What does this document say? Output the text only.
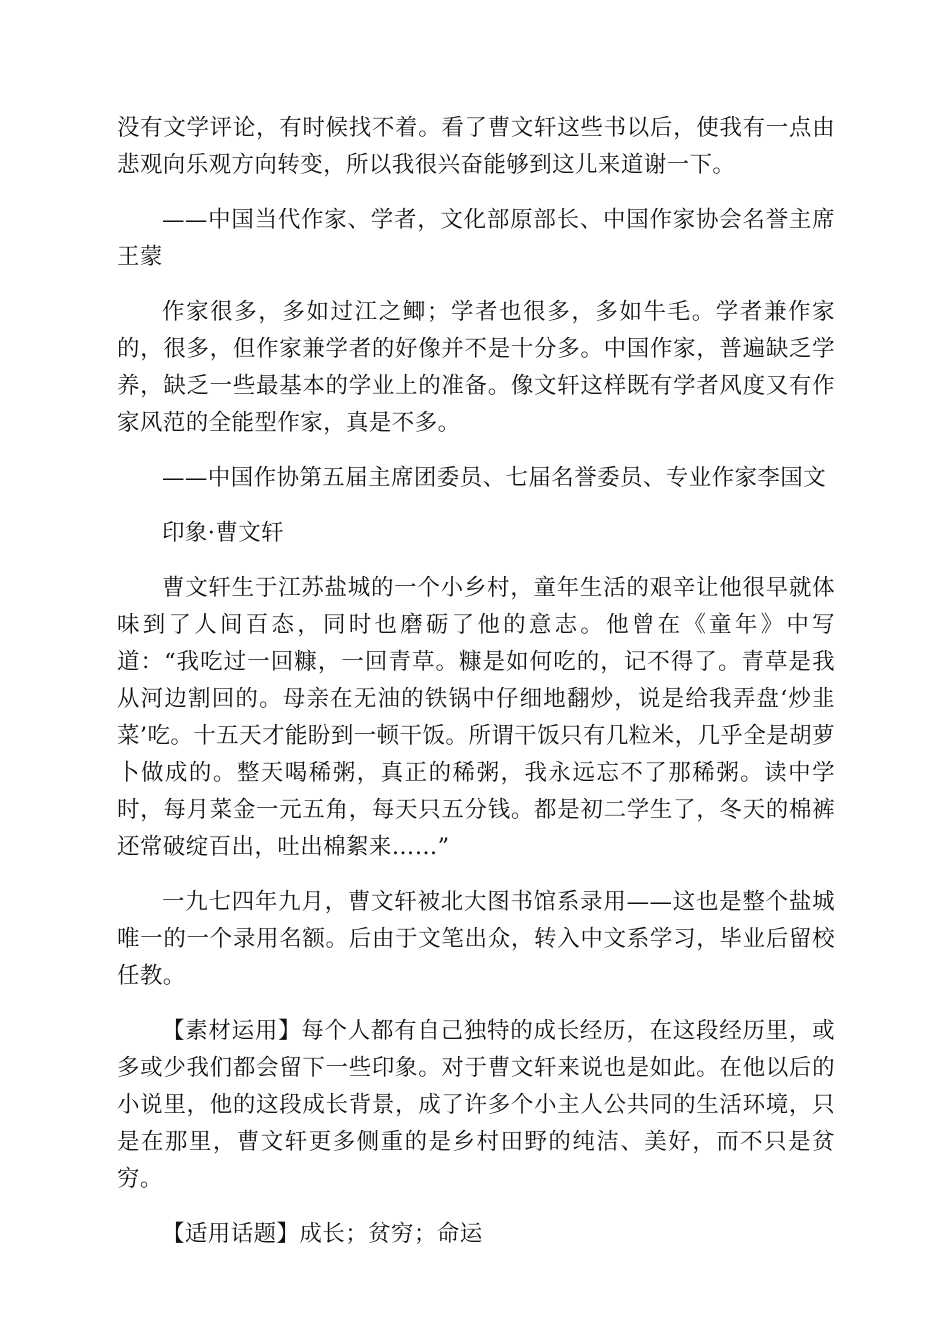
没有文学评论，有时候找不着。看了曹文轩这些书以后，使我有一点由悲观向乐观方向转变，所以我很兴奋能够到这儿来道谢一下。

——中国当代作家、学者，文化部原部长、中国作家协会名誉主席王蒙

作家很多，多如过江之鲫；学者也很多，多如牛毛。学者兼作家的，很多，但作家兼学者的好像并不是十分多。中国作家，普遍缺乏学养，缺乏一些最基本的学业上的准备。像文轩这样既有学者风度又有作家风范的全能型作家，真是不多。

——中国作协第五届主席团委员、七届名誉委员、专业作家李国文

印象·曹文轩

曹文轩生于江苏盐城的一个小乡村，童年生活的艰辛让他很早就体味到了人间百态，同时也磨砺了他的意志。他曾在《童年》中写道：“我吃过一回糠，一回青草。糠是如何吃的，记不得了。青草是我从河边割回的。母亲在无油的铁锅中仔细地翻炒，说是给我弄盘‘炒韭菜’吃。十五天才能盼到一顿干饭。所谓干饭只有几粒米，几乎全是胡萝卜做成的。整天喝稀粥，真正的稀粥，我永远忘不了那稀粥。读中学时，每月菜金一元五角，每天只五分钱。都是初二学生了，冬天的棉裤还常破绽百出，吐出棉絮来……”

一九七四年九月，曹文轩被北大图书馆系录用——这也是整个盐城唯一的一个录用名额。后由于文笔出众，转入中文系学习，毕业后留校任教。

【素材运用】每个人都有自己独特的成长经历，在这段经历里，或多或少我们都会留下一些印象。对于曹文轩来说也是如此。在他以后的小说里，他的这段成长背景，成了许多个小主人公共同的生活环境，只是在那里，曹文轩更多侧重的是乡村田野的纯洁、美好，而不只是贫穷。

【适用话题】成长；贫穷；命运
